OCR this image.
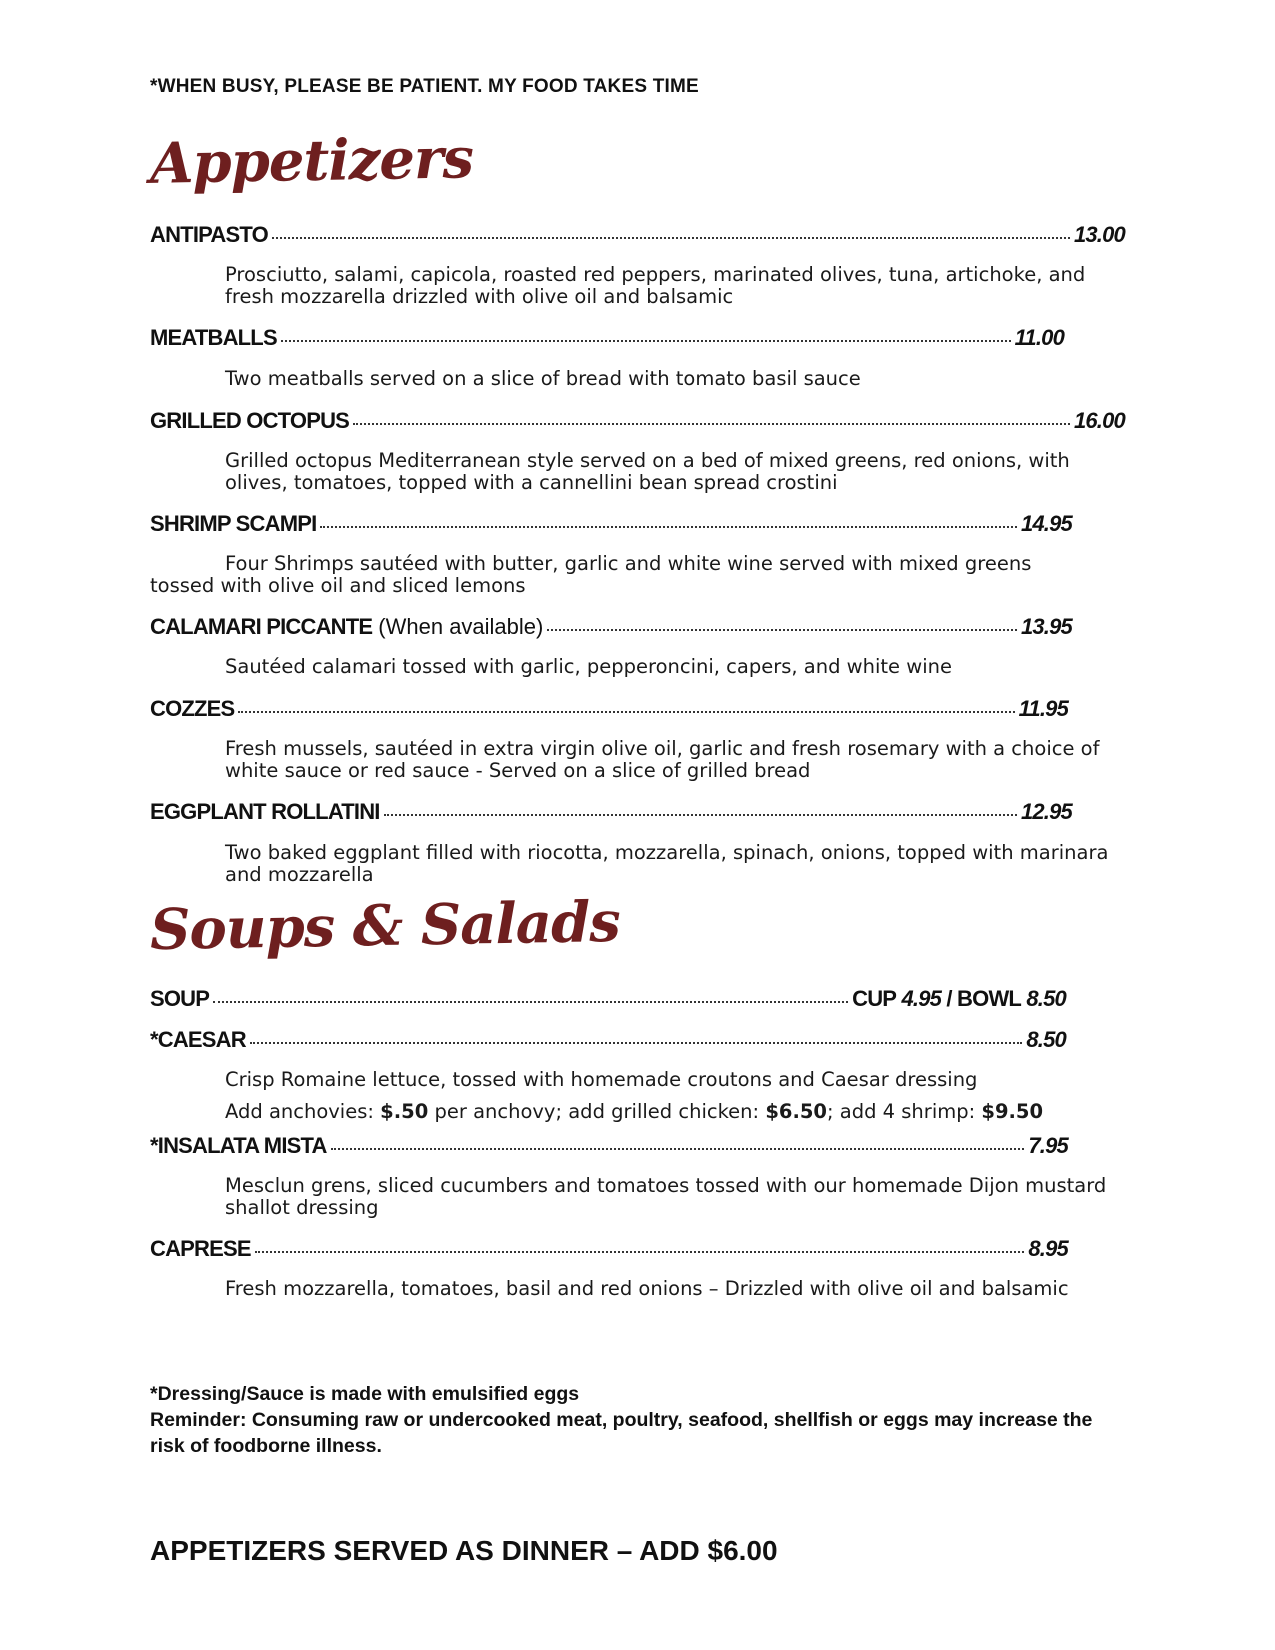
*WHEN BUSY, PLEASE BE PATIENT. MY FOOD TAKES TIME
Appetizers
ANTIPASTO	13.00
Prosciutto, salami, capicola, roasted red peppers, marinated olives, tuna, artichoke, and fresh mozzarella drizzled with olive oil and balsamic
MEATBALLS	11.00
Two meatballs served on a slice of bread with tomato basil sauce
GRILLED OCTOPUS	16.00
Grilled octopus Mediterranean style served on a bed of mixed greens, red onions, with olives, tomatoes, topped with a cannellini bean spread crostini
SHRIMP SCAMPI	14.95
Four Shrimps sautéed with butter, garlic and white wine served with mixed greens tossed with olive oil and sliced lemons
CALAMARI PICCANTE (When available)	13.95
Sautéed calamari tossed with garlic, pepperoncini, capers, and white wine
COZZES	11.95
Fresh mussels, sautéed in extra virgin olive oil, garlic and fresh rosemary with a choice of white sauce or red sauce - Served on a slice of grilled bread
EGGPLANT ROLLATINI	12.95
Two baked eggplant filled with riocotta, mozzarella, spinach, onions, topped with marinara and mozzarella
Soups & Salads
SOUP	CUP 4.95 / BOWL 8.50
*CAESAR	8.50
Crisp Romaine lettuce, tossed with homemade croutons and Caesar dressing
Add anchovies: $.50 per anchovy; add grilled chicken: $6.50; add 4 shrimp: $9.50
*INSALATA MISTA	7.95
Mesclun grens, sliced cucumbers and tomatoes tossed with our homemade Dijon mustard shallot dressing
CAPRESE	8.95
Fresh mozzarella, tomatoes, basil and red onions – Drizzled with olive oil and balsamic
*Dressing/Sauce is made with emulsified eggs
Reminder: Consuming raw or undercooked meat, poultry, seafood, shellfish or eggs may increase the risk of foodborne illness.
APPETIZERS SERVED AS DINNER – ADD $6.00
